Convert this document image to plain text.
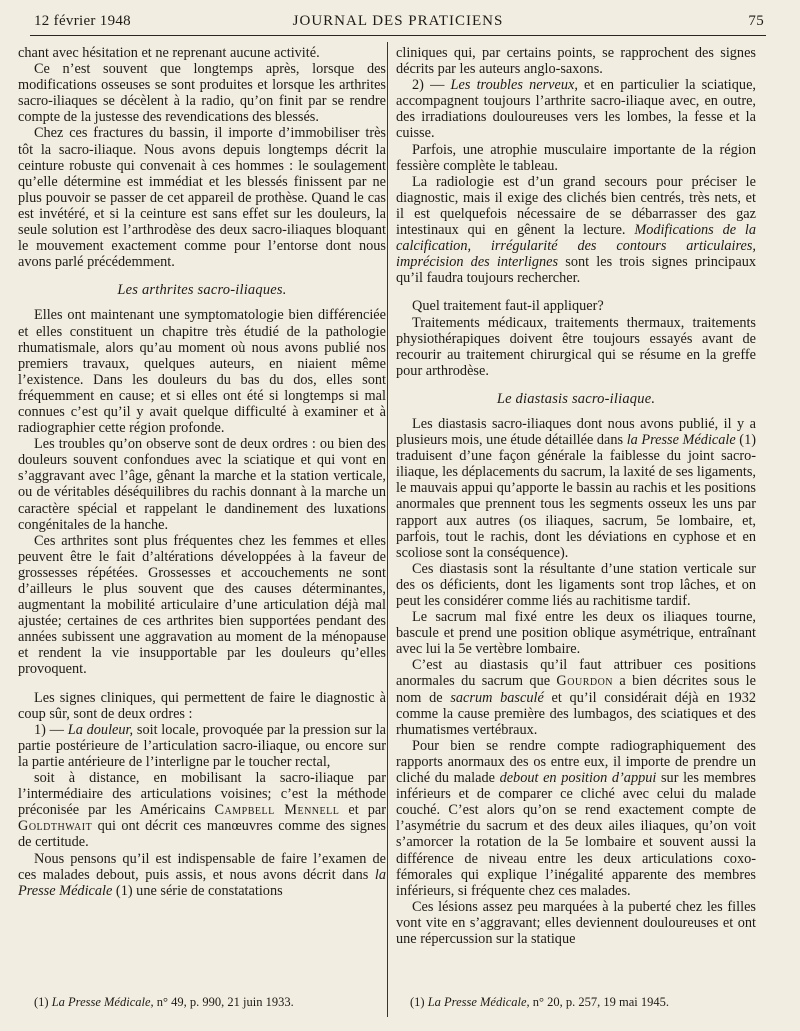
12 février 1948	JOURNAL DES PRATICIENS	75

chant avec hésitation et ne reprenant aucune activité.

Ce n’est souvent que longtemps après, lorsque des modifications osseuses se sont produites et lorsque les arthrites sacro-iliaques se décèlent à la radio, qu’on finit par se rendre compte de la justesse des revendications des blessés.

Chez ces fractures du bassin, il importe d’immobiliser très tôt la sacro-iliaque. Nous avons depuis longtemps décrit la ceinture robuste qui convenait à ces hommes : le soulagement qu’elle détermine est immédiat et les blessés finissent par ne plus pouvoir se passer de cet appareil de prothèse. Quand le cas est invétéré, et si la ceinture est sans effet sur les douleurs, la seule solution est l’arthrodèse des deux sacro-iliaques bloquant le mouvement exactement comme pour l’entorse dont nous avons parlé précédemment.

Les arthrites sacro-iliaques.

Elles ont maintenant une symptomatologie bien différenciée et elles constituent un chapitre très étudié de la pathologie rhumatismale, alors qu’au moment où nous avons publié nos premiers travaux, quelques auteurs, en niaient même l’existence. Dans les douleurs du bas du dos, elles sont fréquemment en cause; et si elles ont été si longtemps si mal connues c’est qu’il y avait quelque difficulté à examiner et à radiographier cette région profonde.

Les troubles qu’on observe sont de deux ordres : ou bien des douleurs souvent confondues avec la sciatique et qui vont en s’aggravant avec l’âge, gênant la marche et la station verticale, ou de véritables déséquilibres du rachis donnant à la marche un caractère spécial et rappelant le dandinement des luxations congénitales de la hanche.

Ces arthrites sont plus fréquentes chez les femmes et elles peuvent être le fait d’altérations développées à la faveur de grossesses répétées. Grossesses et accouchements ne sont d’ailleurs le plus souvent que des causes déterminantes, augmentant la mobilité articulaire d’une articulation déjà mal ajustée; certaines de ces arthrites bien supportées pendant des années subissent une aggravation au moment de la ménopause et rendent la vie insupportable par les douleurs qu’elles provoquent.

Les signes cliniques, qui permettent de faire le diagnostic à coup sûr, sont de deux ordres :

1) — La douleur, soit locale, provoquée par la pression sur la partie postérieure de l’articulation sacro-iliaque, ou encore sur la partie antérieure de l’interligne par le toucher rectal,

soit à distance, en mobilisant la sacro-iliaque par l’intermédiaire des articulations voisines; c’est la méthode préconisée par les Américains Campbell Mennell et par Goldthwait qui ont décrit ces manœuvres comme des signes de certitude.

Nous pensons qu’il est indispensable de faire l’examen de ces malades debout, puis assis, et nous avons décrit dans la Presse Médicale (1) une série de constatations

cliniques qui, par certains points, se rapprochent des signes décrits par les auteurs anglo-saxons.

2) — Les troubles nerveux, et en particulier la sciatique, accompagnent toujours l’arthrite sacro-iliaque avec, en outre, des irradiations douloureuses vers les lombes, la fesse et la cuisse.

Parfois, une atrophie musculaire importante de la région fessière complète le tableau.

La radiologie est d’un grand secours pour préciser le diagnostic, mais il exige des clichés bien centrés, très nets, et il est quelquefois nécessaire de se débarrasser des gaz intestinaux qui en gênent la lecture. Modifications de la calcification, irrégularité des contours articulaires, imprécision des interlignes sont les trois signes principaux qu’il faudra toujours rechercher.

Quel traitement faut-il appliquer?

Traitements médicaux, traitements thermaux, traitements physiothérapiques doivent être toujours essayés avant de recourir au traitement chirurgical qui se résume en la greffe pour arthrodèse.

Le diastasis sacro-iliaque.

Les diastasis sacro-iliaques dont nous avons publié, il y a plusieurs mois, une étude détaillée dans la Presse Médicale (1) traduisent d’une façon générale la faiblesse du joint sacro-iliaque, les déplacements du sacrum, la laxité de ses ligaments, le mauvais appui qu’apporte le bassin au rachis et les positions anormales que prennent tous les segments osseux les uns par rapport aux autres (os iliaques, sacrum, 5e lombaire, et, parfois, tout le rachis, dont les déviations en cyphose et en scoliose sont la conséquence).

Ces diastasis sont la résultante d’une station verticale sur des os déficients, dont les ligaments sont trop lâches, et on peut les considérer comme liés au rachitisme tardif.

Le sacrum mal fixé entre les deux os iliaques tourne, bascule et prend une position oblique asymétrique, entraînant avec lui la 5e vertèbre lombaire.

C’est au diastasis qu’il faut attribuer ces positions anormales du sacrum que Gourdon a bien décrites sous le nom de sacrum basculé et qu’il considérait déjà en 1932 comme la cause première des lumbagos, des sciatiques et des rhumatismes vertébraux.

Pour bien se rendre compte radiographiquement des rapports anormaux des os entre eux, il importe de prendre un cliché du malade debout en position d’appui sur les membres inférieurs et de comparer ce cliché avec celui du malade couché. C’est alors qu’on se rend exactement compte de l’asymétrie du sacrum et des deux ailes iliaques, qu’on voit s’amorcer la rotation de la 5e lombaire et souvent aussi la différence de niveau entre les deux articulations coxo-fémorales qui explique l’inégalité apparente des membres inférieurs, si fréquente chez ces malades.

Ces lésions assez peu marquées à la puberté chez les filles vont vite en s’aggravant; elles deviennent douloureuses et ont une répercussion sur la statique

(1) La Presse Médicale, n° 49, p. 990, 21 juin 1933.	(1) La Presse Médicale, n° 20, p. 257, 19 mai 1945.
